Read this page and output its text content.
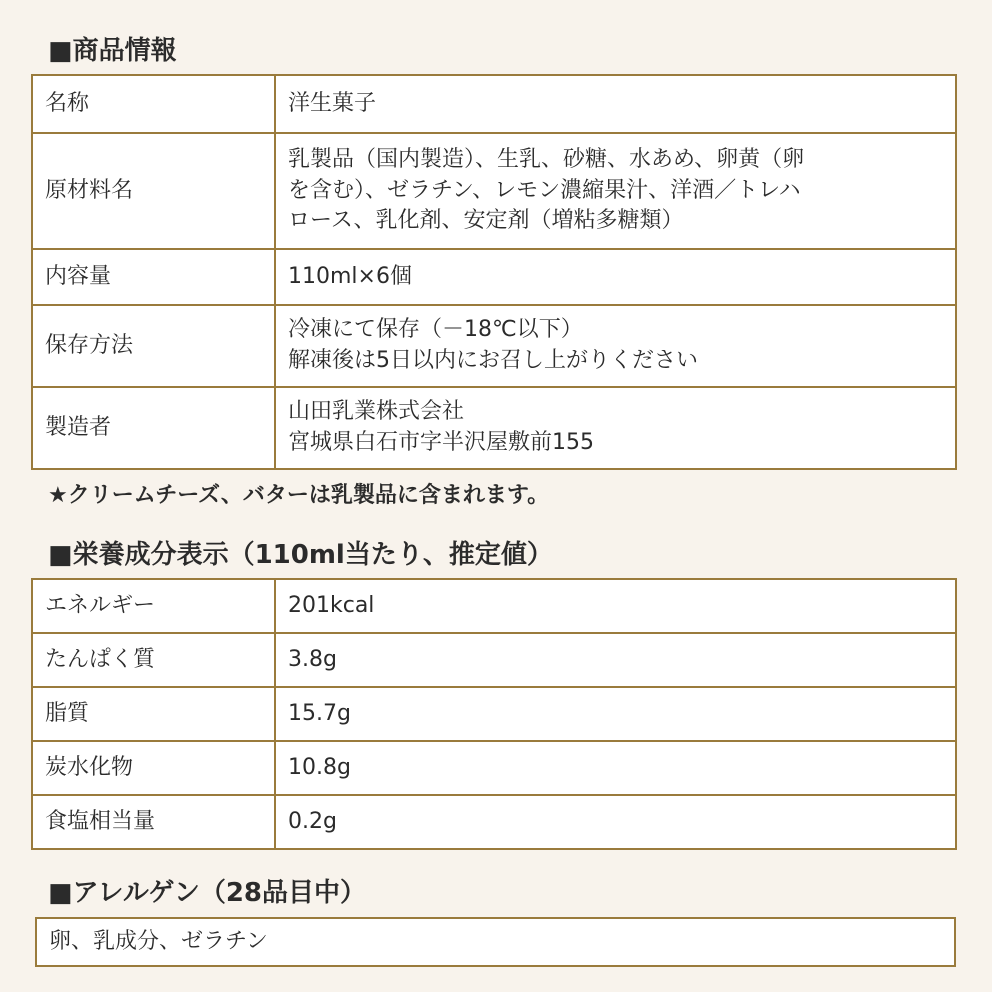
■商品情報
名称	洋生菓子

原材料名	乳製品（国内製造）、生乳、砂糖、水あめ、卵黄（卵
を含む）、ゼラチン、レモン濃縮果汁、洋酒／トレハ
ロース、乳化剤、安定剤（増粘多糖類）

内容量	110ml×6個

保存方法	冷凍にて保存（－18℃以下）
解凍後は5日以内にお召し上がりください

製造者	山田乳業株式会社
宮城県白石市字半沢屋敷前155
★クリームチーズ、バターは乳製品に含まれます。
■栄養成分表示（110ml当たり、推定値）
エネルギー	201kcal
たんぱく質	3.8g
脂質	15.7g
炭水化物	10.8g
食塩相当量	0.2g
■アレルゲン（28品目中）
卵、乳成分、ゼラチン
